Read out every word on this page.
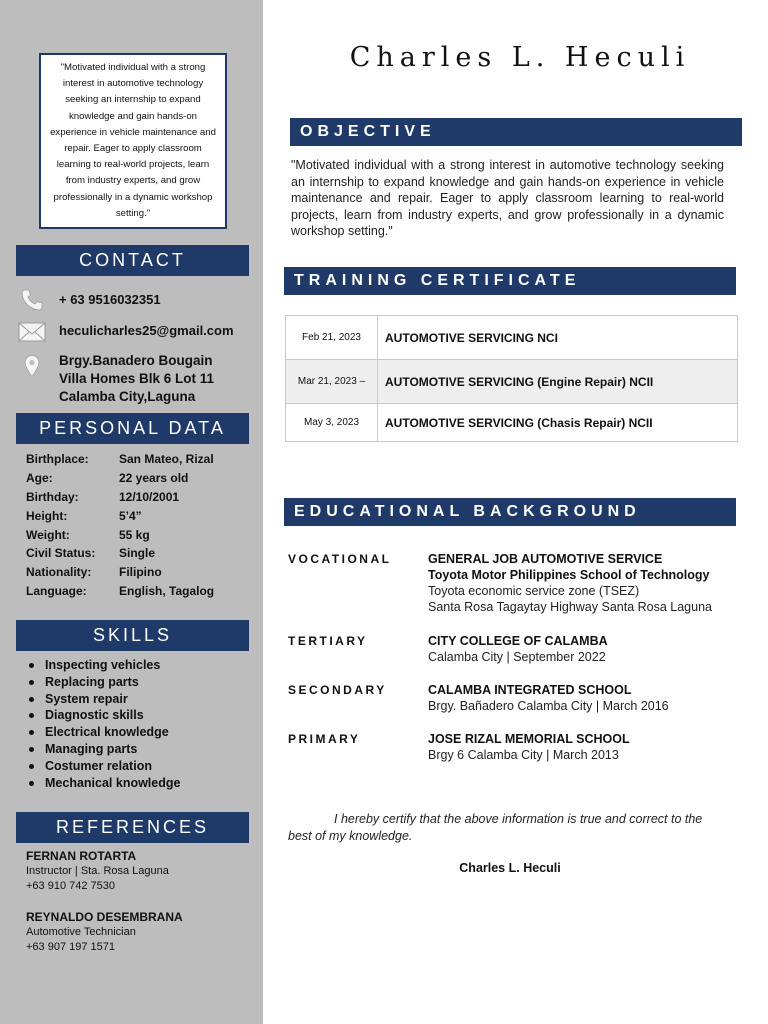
"Motivated individual with a strong interest in automotive technology seeking an internship to expand knowledge and gain hands-on experience in vehicle maintenance and repair. Eager to apply classroom learning to real-world projects, learn from industry experts, and grow professionally in a dynamic workshop setting."
CONTACT
+ 63 9516032351
heculicharles25@gmail.com
Brgy.Banadero Bougain
Villa Homes Blk 6 Lot 11
Calamba City,Laguna
PERSONAL DATA
Birthplace:	San Mateo, Rizal
Age:	22 years old
Birthday:	12/10/2001
Height:	5’4”
Weight:	55 kg
Civil Status:	Single
Nationality:	Filipino
Language:	English, Tagalog
SKILLS
Inspecting vehicles
Replacing parts
System repair
Diagnostic skills
Electrical knowledge
Managing parts
Costumer relation
Mechanical knowledge
REFERENCES
FERNAN ROTARTA
Instructor | Sta. Rosa Laguna
+63 910 742 7530
REYNALDO DESEMBRANA
Automotive Technician
+63 907 197 1571
Charles L. Heculi
OBJECTIVE
"Motivated individual with a strong interest in automotive technology seeking an internship to expand knowledge and gain hands-on experience in vehicle maintenance and repair. Eager to apply classroom learning to real-world projects, learn from industry experts, and grow professionally in a dynamic workshop setting."
TRAINING CERTIFICATE
Feb 21, 2023	AUTOMOTIVE SERVICING NCI
Mar 21, 2023 –	AUTOMOTIVE SERVICING (Engine Repair) NCII
May 3, 2023	AUTOMOTIVE SERVICING (Chasis Repair) NCII
EDUCATIONAL BACKGROUND
VOCATIONAL	GENERAL JOB AUTOMOTIVE SERVICE
Toyota Motor Philippines School of Technology
Toyota economic service zone (TSEZ)
Santa Rosa Tagaytay Highway Santa Rosa Laguna
TERTIARY	CITY COLLEGE OF CALAMBA
Calamba City | September 2022
SECONDARY	CALAMBA INTEGRATED SCHOOL
Brgy. Bañadero Calamba City | March 2016
PRIMARY	JOSE RIZAL MEMORIAL SCHOOL
Brgy 6 Calamba City | March 2013
I hereby certify that the above information is true and correct to the best of my knowledge.
Charles L. Heculi
